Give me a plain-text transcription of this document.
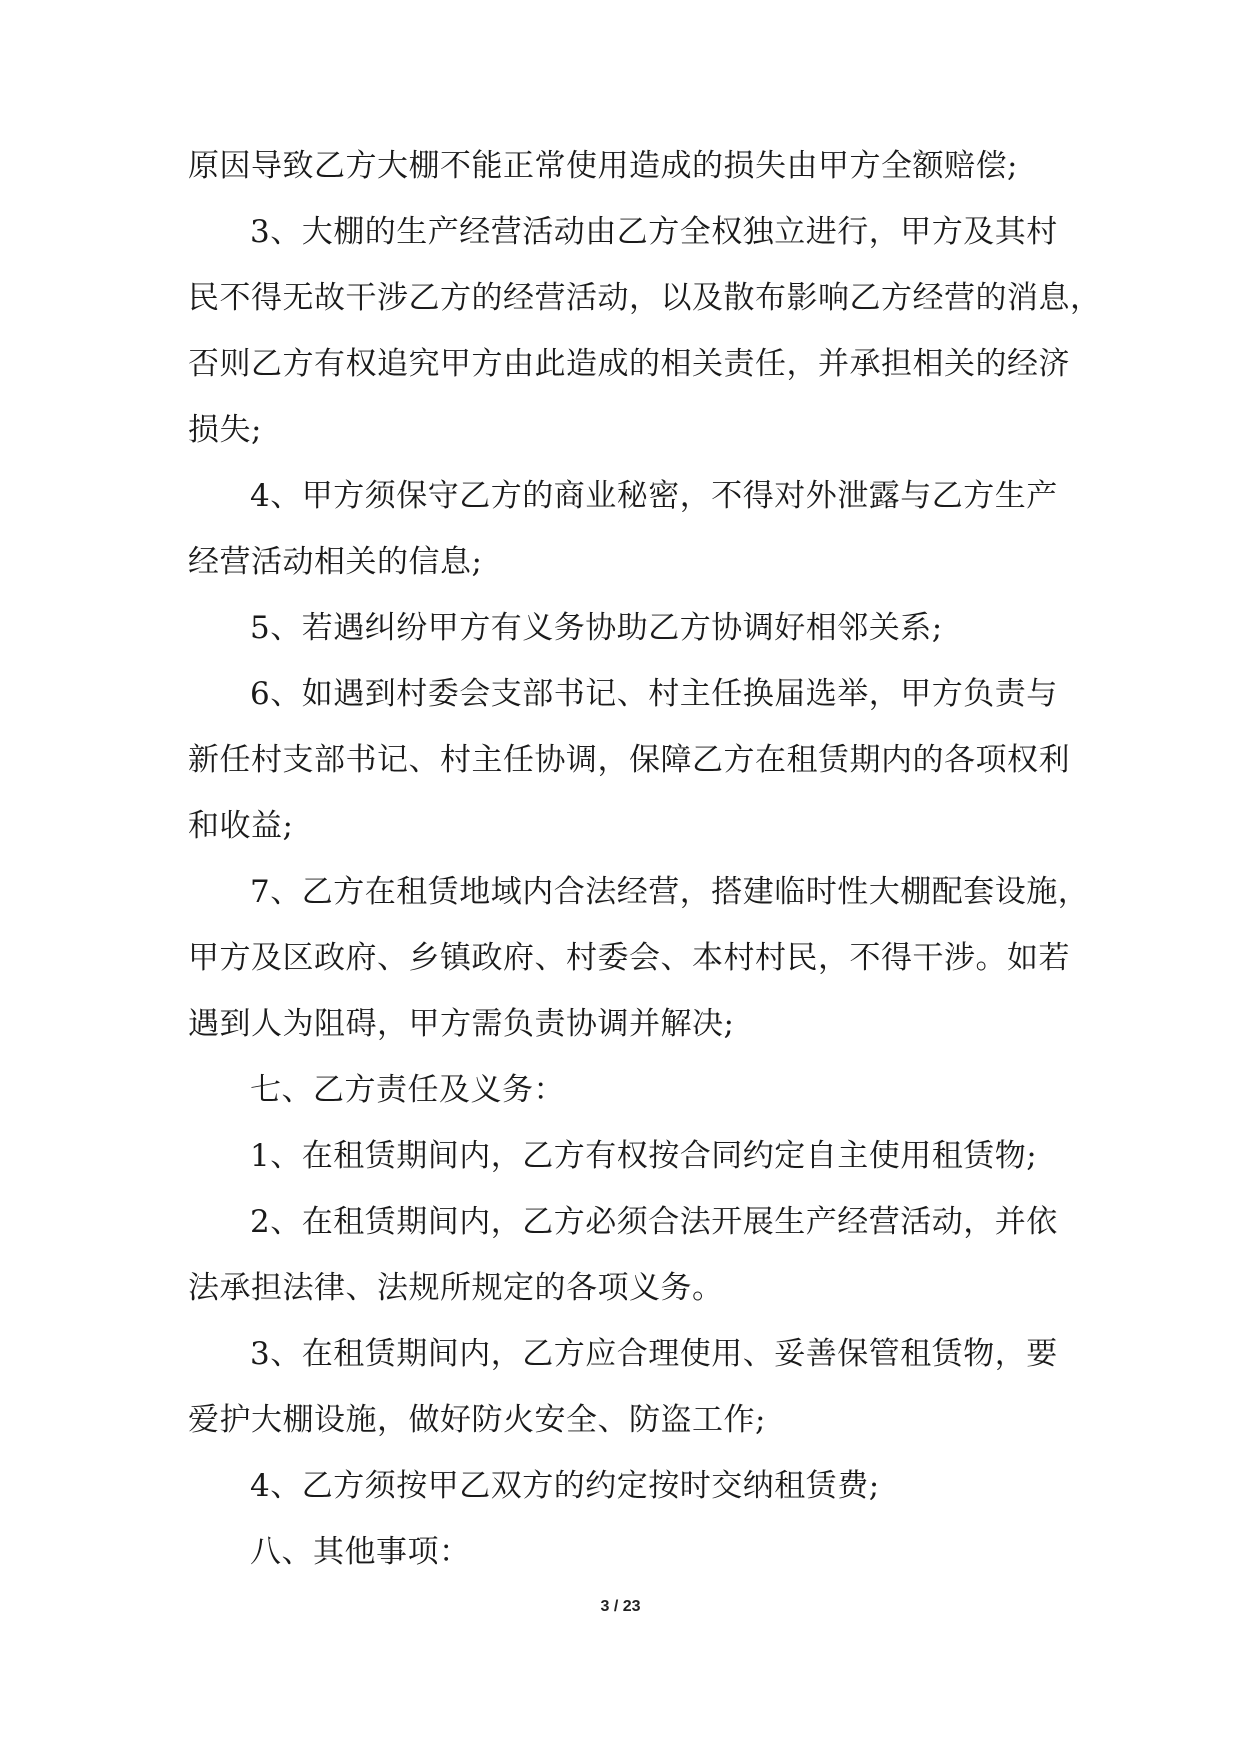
原因导致乙方大棚不能正常使用造成的损失由甲方全额赔偿;

3、大棚的生产经营活动由乙方全权独立进行，甲方及其村

民不得无故干涉乙方的经营活动，以及散布影响乙方经营的消息，

否则乙方有权追究甲方由此造成的相关责任，并承担相关的经济

损失;

4、甲方须保守乙方的商业秘密，不得对外泄露与乙方生产

经营活动相关的信息;

5、若遇纠纷甲方有义务协助乙方协调好相邻关系;

6、如遇到村委会支部书记、村主任换届选举，甲方负责与

新任村支部书记、村主任协调，保障乙方在租赁期内的各项权利

和收益;

7、乙方在租赁地域内合法经营，搭建临时性大棚配套设施，

甲方及区政府、乡镇政府、村委会、本村村民，不得干涉。如若

遇到人为阻碍，甲方需负责协调并解决;

七、乙方责任及义务：

1、在租赁期间内，乙方有权按合同约定自主使用租赁物;

2、在租赁期间内，乙方必须合法开展生产经营活动，并依

法承担法律、法规所规定的各项义务。

3、在租赁期间内，乙方应合理使用、妥善保管租赁物，要

爱护大棚设施，做好防火安全、防盗工作;

4、乙方须按甲乙双方的约定按时交纳租赁费;

八、其他事项：

3 / 23
